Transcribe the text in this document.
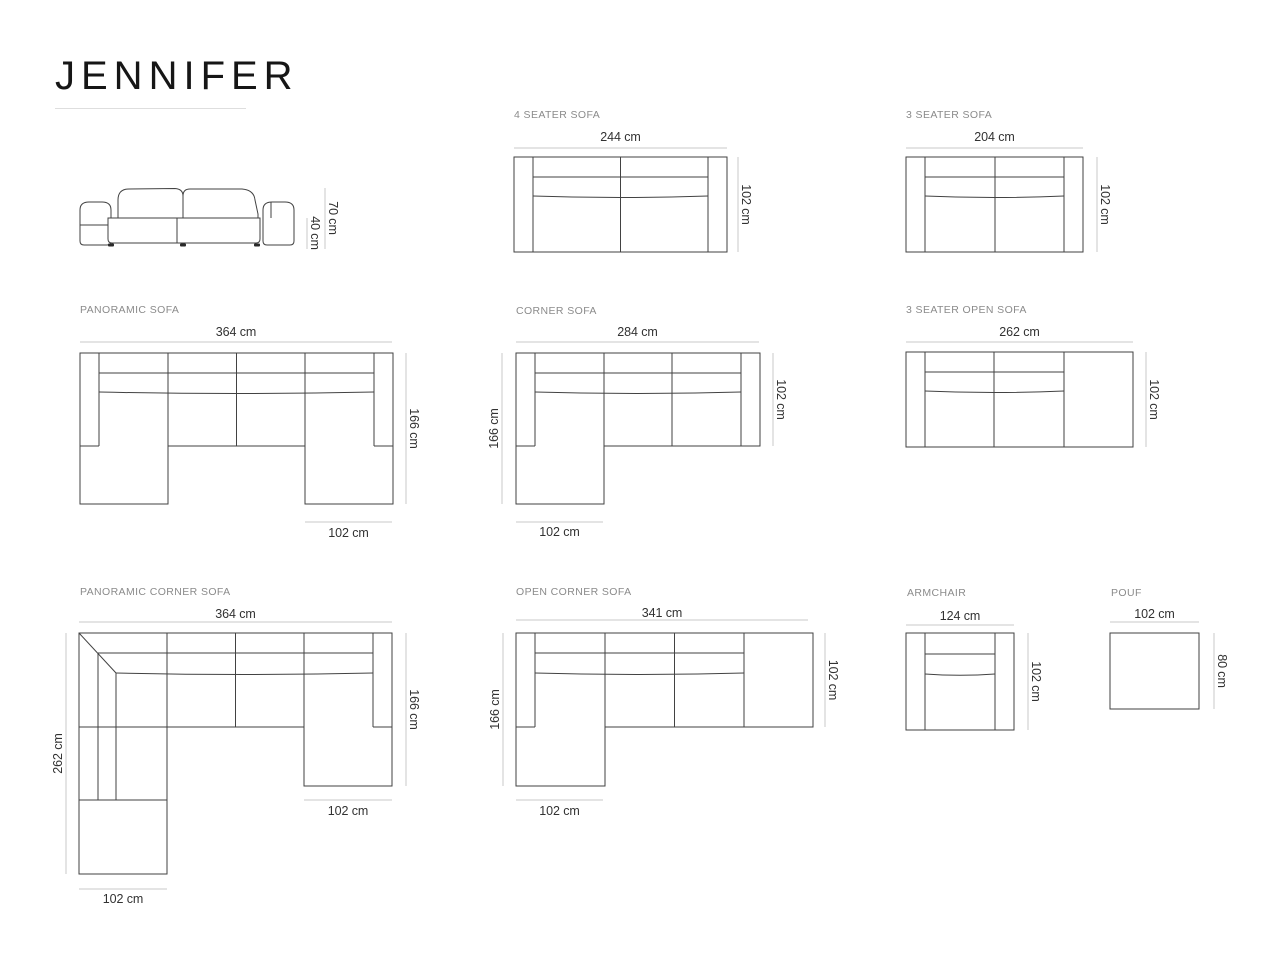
JENNIFER
4 SEATER SOFA	3 SEATER SOFA
PANORAMIC SOFA	CORNER SOFA	3 SEATER OPEN SOFA
PANORAMIC CORNER SOFA	OPEN CORNER SOFA	ARMCHAIR	POUF
70 cm
40 cm
244 cm
102 cm
204 cm
102 cm
364 cm
166 cm
102 cm
284 cm
166 cm
102 cm
102 cm
262 cm
102 cm
364 cm
262 cm
166 cm
102 cm
102 cm
341 cm
166 cm
102 cm
102 cm
124 cm
102 cm
102 cm
80 cm
